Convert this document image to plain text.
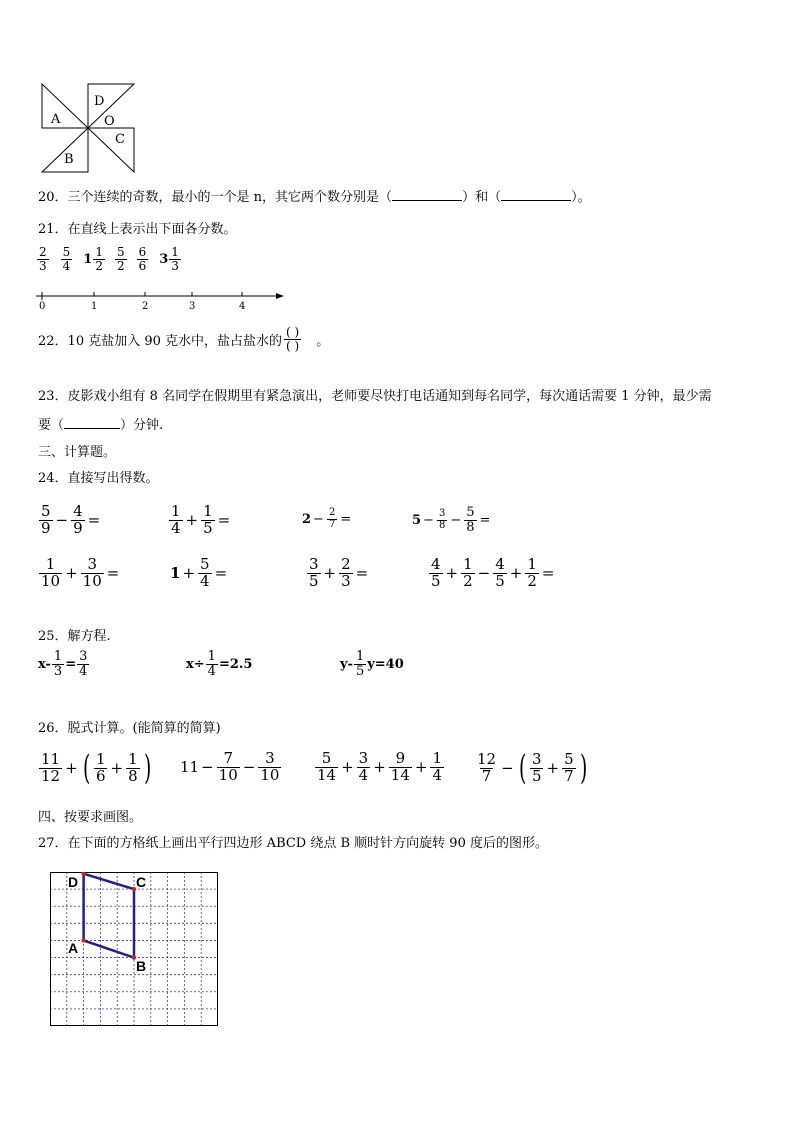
A
D
O
C
B
20．三个连续的奇数，最小的一个是 n，其它两个数分别是（	）和（	）。
21．在直线上表示出下面各分数。
$\frac{2}{3} \frac{5}{4} 1 \frac{1}{2} \frac{5}{2} \frac{6}{6} 3 \frac{1}{3}$
0	1	2	3	4
22．10 克盐加入 90 克水中，盐占盐水的 $\frac{( )}{( )}$ 。
23．皮影戏小组有 8 名同学在假期里有紧急演出，老师要尽快打电话通知到每名同学，每次通话需要 1 分钟，最少需
要（	）分钟.
三、计算题。
24．直接写出得数。
$\frac{5}{9} - \frac{4}{9}$ =	$\frac{1}{4} + \frac{1}{5}$ =	$2 - \frac{2}{7}$ =	$5 - \frac{3}{8} - \frac{5}{8}$ =
$\frac{1}{10} + \frac{3}{10}$ =	$1 + \frac{5}{4}$ =	$\frac{3}{5} + \frac{2}{3}$ =	$\frac{4}{5} + \frac{1}{2} - \frac{4}{5} + \frac{1}{2}$ =
25．解方程.
$x- \frac{1}{3} = \frac{3}{4}$	$x\div \frac{1}{4} =2.5$	$y- \frac{1}{5} y=40$
26．脱式计算。(能简算的简算)
$\frac{11}{12}$ + ( $\frac{1}{6} + \frac{1}{8}$ ) $11 - \frac{7}{10} - \frac{3}{10} \frac{5}{14} + \frac{3}{4} + \frac{9}{14} + \frac{1}{4} \frac{12}{7}$ − ( $\frac{3}{5} + \frac{5}{7}$ )
四、按要求画图。
27．在下面的方格纸上画出平行四边形 ABCD 绕点 B 顺时针方向旋转 90 度后的图形。
D	C
A
B
